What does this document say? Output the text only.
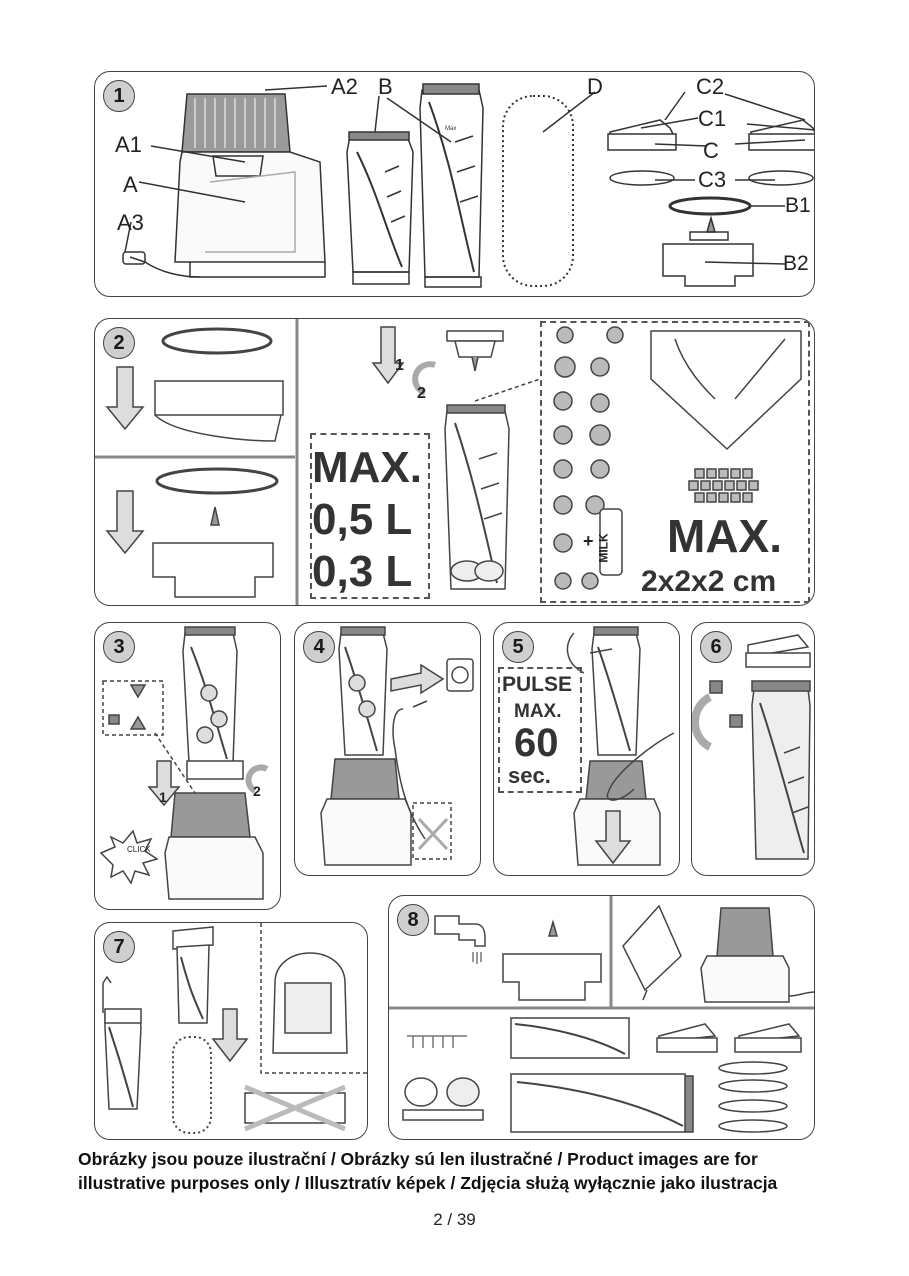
1
Max
A2 B	D	C2
A1
C1
C
A	C3
B1
A3
B2
2
1
2
MAX.
0,5 L
0,3 L
+ MILK MAX.
2x2x2 cm
3
1	2
CLICK
4	5
PULSE
MAX.
60
sec.
6
7
8
Obrázky jsou pouze ilustrační / Obrázky sú len ilustračné / Product images are for
illustrative purposes only / Illusztratív képek / Zdjęcia służą wyłącznie jako ilustracja
2 / 39
